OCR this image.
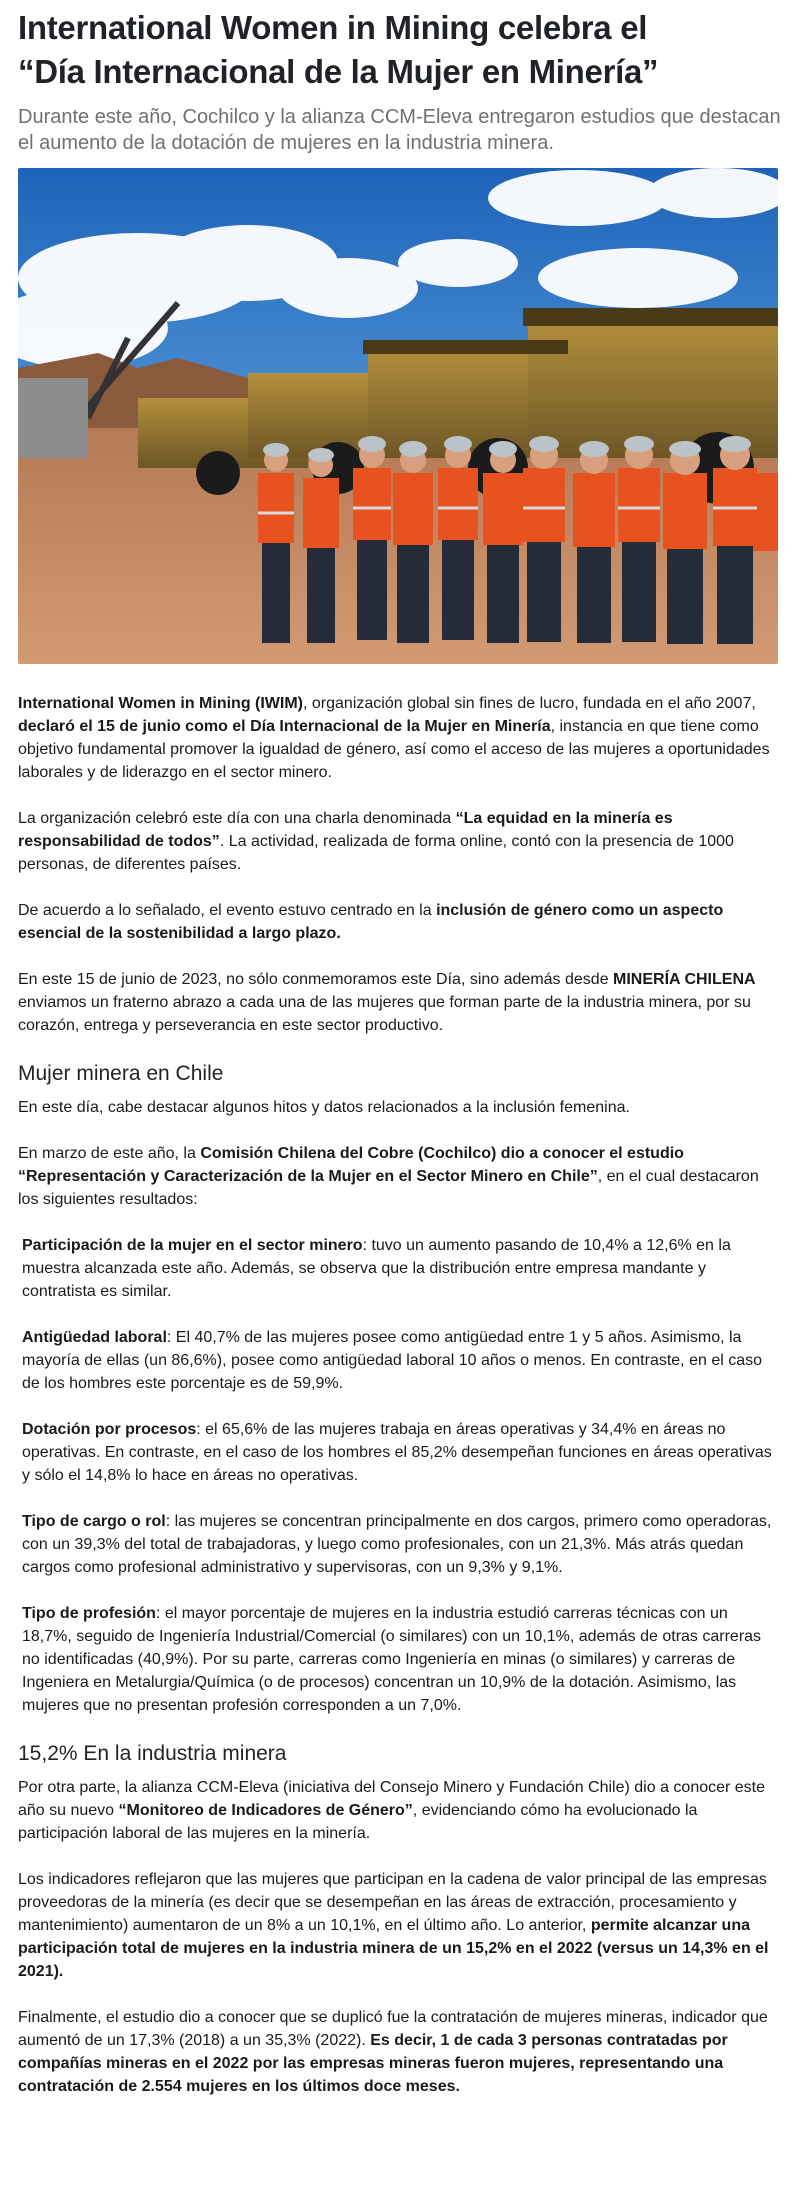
International Women in Mining celebra el
“Día Internacional de la Mujer en Minería”

Durante este año, Cochilco y la alianza CCM-Eleva entregaron estudios que destacan el aumento de la dotación de mujeres en la industria minera.

International Women in Mining (IWIM), organización global sin fines de lucro, fundada en el año 2007, declaró el 15 de junio como el Día Internacional de la Mujer en Minería, instancia en que tiene como objetivo fundamental promover la igualdad de género, así como el acceso de las mujeres a oportunidades laborales y de liderazgo en el sector minero.

La organización celebró este día con una charla denominada “La equidad en la minería es responsabilidad de todos”. La actividad, realizada de forma online, contó con la presencia de 1000 personas, de diferentes países.

De acuerdo a lo señalado, el evento estuvo centrado en la inclusión de género como un aspecto esencial de la sostenibilidad a largo plazo.

En este 15 de junio de 2023, no sólo conmemoramos este Día, sino además desde MINERÍA CHILENA enviamos un fraterno abrazo a cada una de las mujeres que forman parte de la industria minera, por su corazón, entrega y perseverancia en este sector productivo.

Mujer minera en Chile

En este día, cabe destacar algunos hitos y datos relacionados a la inclusión femenina.

En marzo de este año, la Comisión Chilena del Cobre (Cochilco) dio a conocer el estudio “Representación y Caracterización de la Mujer en el Sector Minero en Chile”, en el cual destacaron los siguientes resultados:

Participación de la mujer en el sector minero: tuvo un aumento pasando de 10,4% a 12,6% en la muestra alcanzada este año. Además, se observa que la distribución entre empresa mandante y contratista es similar.

Antigüedad laboral: El 40,7% de las mujeres posee como antigüedad entre 1 y 5 años. Asimismo, la mayoría de ellas (un 86,6%), posee como antigüedad laboral 10 años o menos. En contraste, en el caso de los hombres este porcentaje es de 59,9%.

Dotación por procesos: el 65,6% de las mujeres trabaja en áreas operativas y 34,4% en áreas no operativas. En contraste, en el caso de los hombres el 85,2% desempeñan funciones en áreas operativas y sólo el 14,8% lo hace en áreas no operativas.

Tipo de cargo o rol: las mujeres se concentran principalmente en dos cargos, primero como operadoras, con un 39,3% del total de trabajadoras, y luego como profesionales, con un 21,3%. Más atrás quedan cargos como profesional administrativo y supervisoras, con un 9,3% y 9,1%.

Tipo de profesión: el mayor porcentaje de mujeres en la industria estudió carreras técnicas con un 18,7%, seguido de Ingeniería Industrial/Comercial (o similares) con un 10,1%, además de otras carreras no identificadas (40,9%). Por su parte, carreras como Ingeniería en minas (o similares) y carreras de Ingeniera en Metalurgia/Química (o de procesos) concentran un 10,9% de la dotación. Asimismo, las mujeres que no presentan profesión corresponden a un 7,0%.

15,2% En la industria minera

Por otra parte, la alianza CCM-Eleva (iniciativa del Consejo Minero y Fundación Chile) dio a conocer este año su nuevo “Monitoreo de Indicadores de Género”, evidenciando cómo ha evolucionado la participación laboral de las mujeres en la minería.

Los indicadores reflejaron que las mujeres que participan en la cadena de valor principal de las empresas proveedoras de la minería (es decir que se desempeñan en las áreas de extracción, procesamiento y mantenimiento) aumentaron de un 8% a un 10,1%, en el último año. Lo anterior, permite alcanzar una participación total de mujeres en la industria minera de un 15,2% en el 2022 (versus un 14,3% en el 2021).

Finalmente, el estudio dio a conocer que se duplicó fue la contratación de mujeres mineras, indicador que aumentó de un 17,3% (2018) a un 35,3% (2022). Es decir, 1 de cada 3 personas contratadas por compañías mineras en el 2022 por las empresas mineras fueron mujeres, representando una contratación de 2.554 mujeres en los últimos doce meses.
